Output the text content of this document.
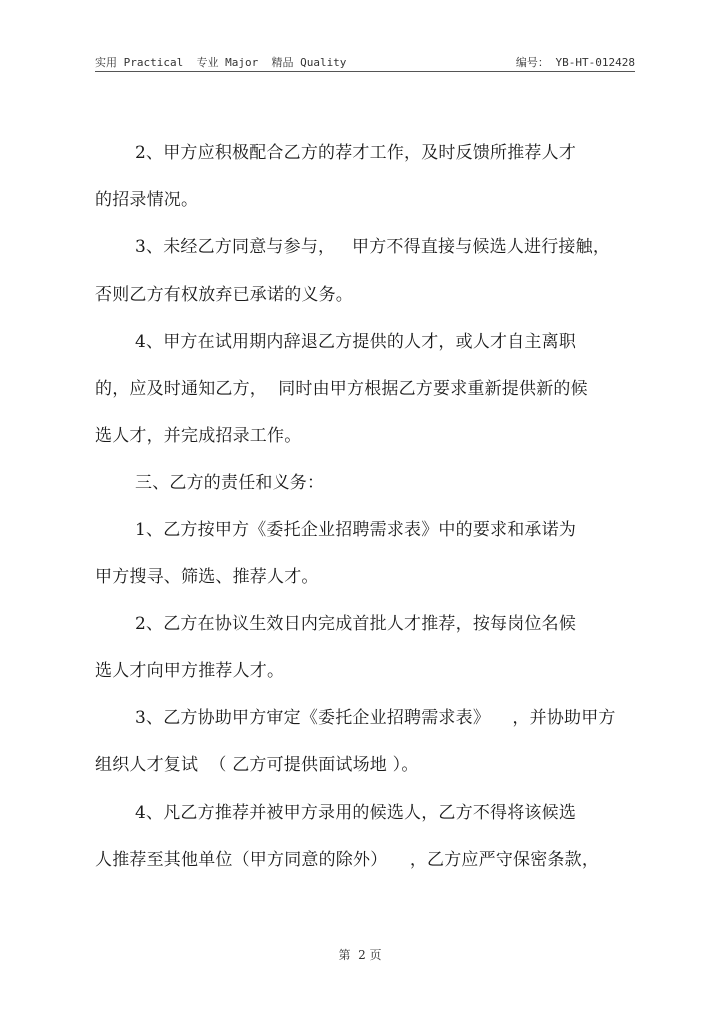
实用 Practical  专业 Major  精品 Quality	编号： YB-HT-012428
2、甲方应积极配合乙方的荐才工作，及时反馈所推荐人才
的招录情况。
3、未经乙方同意与参与，   甲方不得直接与候选人进行接触，
否则乙方有权放弃已承诺的义务。
4、甲方在试用期内辞退乙方提供的人才，或人才自主离职
的，应及时通知乙方，  同时由甲方根据乙方要求重新提供新的候
选人才，并完成招录工作。
三、乙方的责任和义务：
1、乙方按甲方《委托企业招聘需求表》中的要求和承诺为
甲方搜寻、筛选、推荐人才。
2、乙方在协议生效日内完成首批人才推荐，按每岗位名候
选人才向甲方推荐人才。
3、乙方协助甲方审定《委托企业招聘需求表》    ，并协助甲方
组织人才复试  （ 乙方可提供面试场地 ）。
4、凡乙方推荐并被甲方录用的候选人，乙方不得将该候选
人推荐至其他单位（甲方同意的除外）    ，乙方应严守保密条款，
第  2 页
